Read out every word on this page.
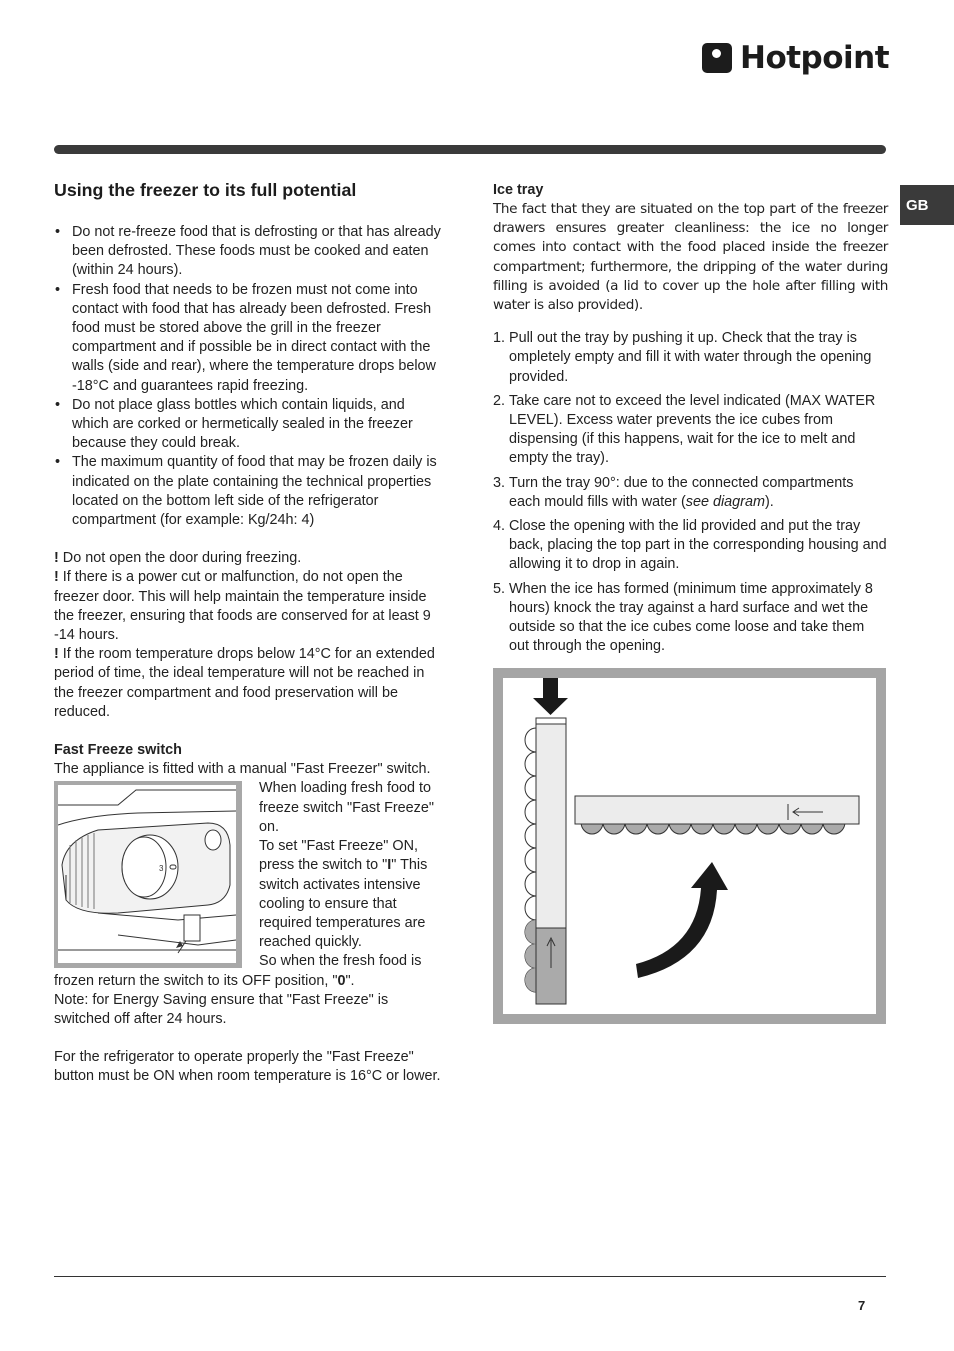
Hotpoint
GB
Using the freezer to its full potential
• Do not re-freeze food that is defrosting or that has already been defrosted. These foods must be cooked and eaten (within 24 hours).
• Fresh food that needs to be frozen must not come into contact with food that has already been defrosted. Fresh food must be stored above the grill in the freezer compartment and if possible be in direct contact with the walls (side and rear), where the temperature drops below -18°C and guarantees rapid freezing.
• Do not place glass bottles which contain liquids, and which are corked or hermetically sealed in the freezer because they could break.
• The maximum quantity of food that may be frozen daily is indicated on the plate containing the technical properties located on the bottom left side of the refrigerator compartment (for example: Kg/24h: 4)
! Do not open the door during freezing.
! If there is a power cut or malfunction, do not open the freezer door. This will help maintain the temperature inside the freezer, ensuring that foods are conserved for at least 9 -14 hours.
! If the room temperature drops below 14°C for an extended period of time, the ideal temperature will not be reached in the freezer compartment and food preservation will be reduced.
Fast Freeze switch
The appliance is fitted with a manual "Fast Freezer" switch.
3
When loading fresh food to freeze switch "Fast Freeze" on.
To set "Fast Freeze" ON, press the switch to "I" This switch activates intensive cooling to ensure that required temperatures are reached quickly.
So when the fresh food is frozen return the switch to its OFF position, "0".
Note: for Energy Saving ensure that "Fast Freeze" is switched off after 24 hours.
For the refrigerator to operate properly the "Fast Freeze" button must be ON when room temperature is 16°C or lower.
Ice tray

The fact that they are situated on the top part of the freezer drawers ensures greater cleanliness: the ice no longer comes into contact with the food placed inside the freezer compartment; furthermore, the dripping of the water during filling is avoided (a lid to cover up the hole after filling with water is also provided).

1. Pull out the tray by pushing it up. Check that the tray is ompletely empty and fill it with water through the opening provided.
2. Take care not to exceed the level indicated (MAX WATER LEVEL). Excess water prevents the ice cubes from dispensing (if this happens, wait for the ice to melt and empty the tray).
3. Turn the tray 90°: due to the connected compartments each mould fills with water (see diagram).
4. Close the opening with the lid provided and put the tray back, placing the top part in the corresponding housing and allowing it to drop in again.
5. When the ice has formed (minimum time approximately 8 hours) knock the tray against a hard surface and wet the outside so that the ice cubes come loose and take them out through the opening.
7
